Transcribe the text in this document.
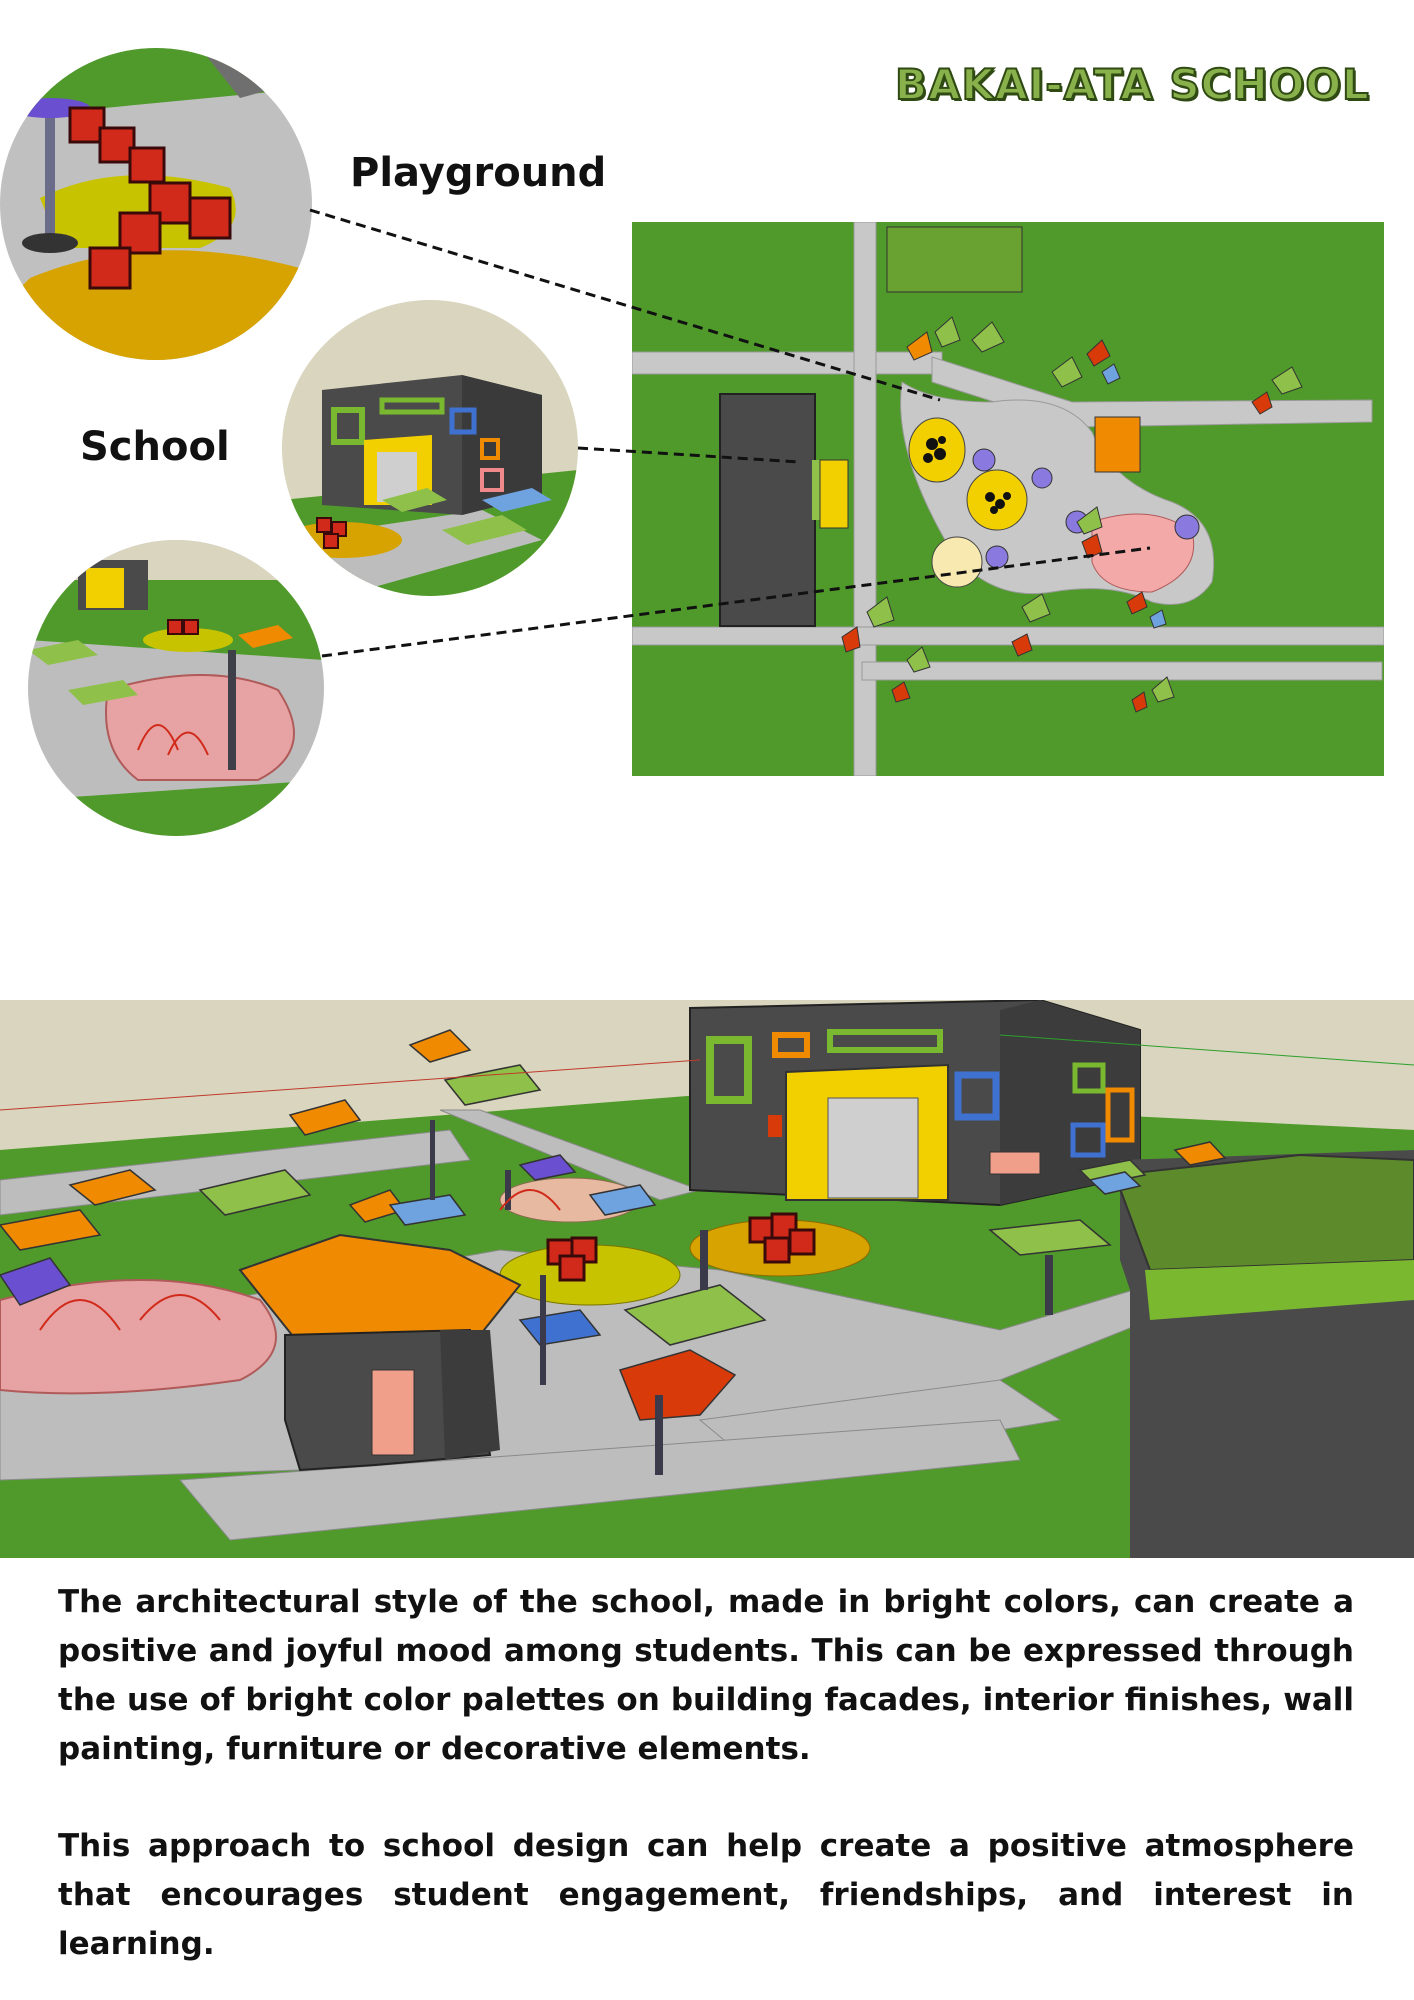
BAKAI-ATA SCHOOL
Playground
School

The architectural style of the school, made in bright colors, can create a positive and joyful mood among students. This can be expressed through the use of bright color palettes on building facades, interior finishes, wall painting, furniture or decorative elements.

This approach to school design can help create a positive atmosphere that encourages student engagement, friendships, and interest in learning.
